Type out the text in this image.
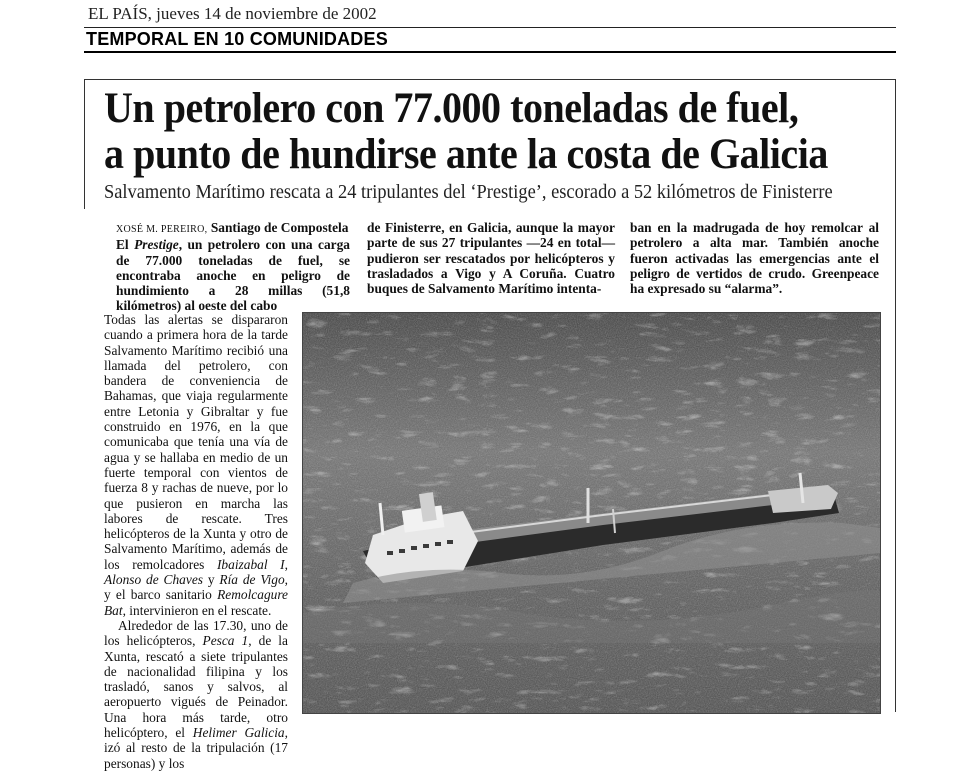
EL PAÍS, jueves 14 de noviembre de 2002
TEMPORAL EN 10 COMUNIDADES
Un petrolero con 77.000 toneladas de fuel,
a punto de hundirse ante la costa de Galicia
Salvamento Marítimo rescata a 24 tripulantes del ‘Prestige’, escorado a 52 kilómetros de Finisterre

XOSÉ M. PEREIRO, Santiago de Compostela

El Prestige, un petrolero con una carga de 77.000 toneladas de fuel, se encontraba anoche en peligro de hundimiento a 28 millas (51,8 kilómetros) al oeste del cabo

de Finisterre, en Galicia, aunque la mayor parte de sus 27 tripulantes —24 en total— pudieron ser rescatados por helicópteros y trasladados a Vigo y A Coruña. Cuatro buques de Salvamento Marítimo intenta-
ban en la madrugada de hoy remolcar al petrolero a alta mar. También anoche fueron activadas las emergencias ante el peligro de vertidos de crudo. Greenpeace ha expresado su “alarma”.

Todas las alertas se dispararon cuando a primera hora de la tarde Salvamento Marítimo recibió una llamada del petrolero, con bandera de conveniencia de Bahamas, que viaja regularmente entre Letonia y Gibraltar y fue construido en 1976, en la que comunicaba que tenía una vía de agua y se hallaba en medio de un fuerte temporal con vientos de fuerza 8 y rachas de nueve, por lo que pusieron en marcha las labores de rescate. Tres helicópteros de la Xunta y otro de Salvamento Marítimo, además de los remolcadores Ibaizabal I, Alonso de Chaves y Ría de Vigo, y el barco sanitario Remolcagure Bat, intervinieron en el rescate.

Alrededor de las 17.30, uno de los helicópteros, Pesca 1, de la Xunta, rescató a siete tripulantes de nacionalidad filipina y los trasladó, sanos y salvos, al aeropuerto vigués de Peinador. Una hora más tarde, otro helicóptero, el Helimer Galicia, izó al resto de la tripulación (17 personas) y los
